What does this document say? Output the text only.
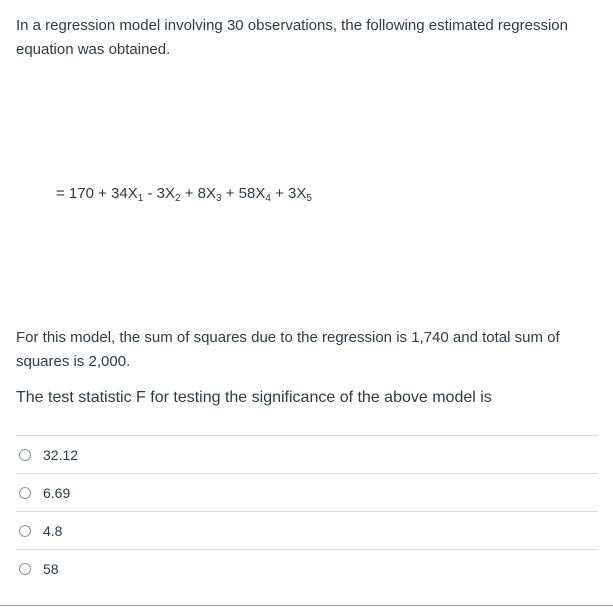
In a regression model involving 30 observations, the following estimated regression equation was obtained.

= $170 + 34X_1 - 3X_2 + 8X_3 + 58X_4 + 3X_5$

For this model, the sum of squares due to the regression is 1,740 and total sum of squares is 2,000.

The test statistic F for testing the significance of the above model is

32.12
6.69
4.8
58
